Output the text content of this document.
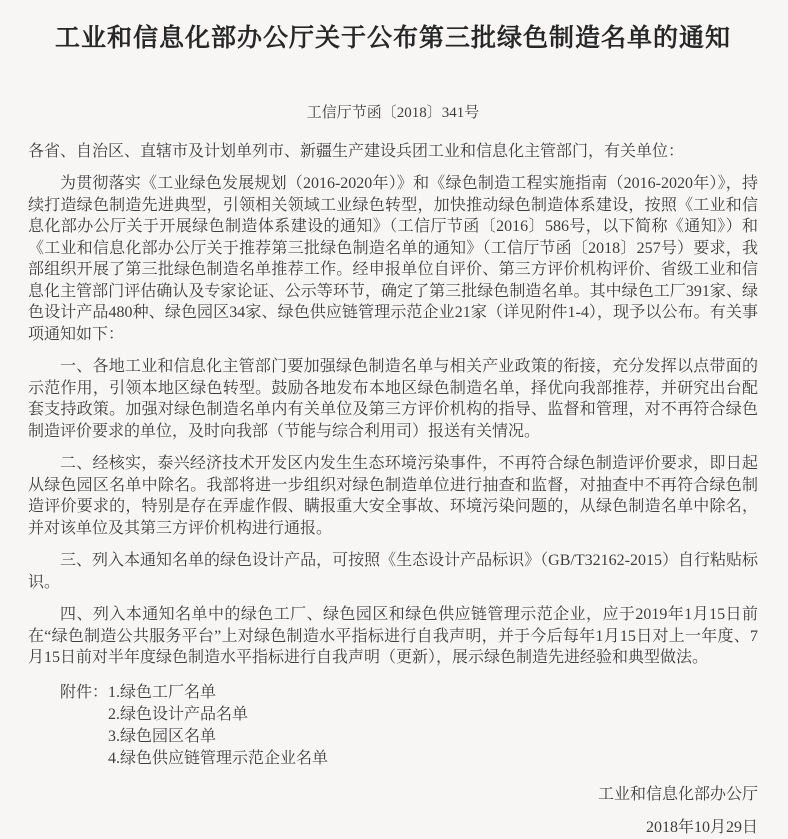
工业和信息化部办公厅关于公布第三批绿色制造名单的通知
工信厅节函〔2018〕341号
各省、自治区、直辖市及计划单列市、新疆生产建设兵团工业和信息化主管部门，有关单位：

为贯彻落实《工业绿色发展规划（2016-2020年）》和《绿色制造工程实施指南（2016-2020年）》，持续打造绿色制造先进典型，引领相关领域工业绿色转型，加快推动绿色制造体系建设，按照《工业和信息化部办公厅关于开展绿色制造体系建设的通知》（工信厅节函〔2016〕586号，以下简称《通知》）和《工业和信息化部办公厅关于推荐第三批绿色制造名单的通知》（工信厅节函〔2018〕257号）要求，我部组织开展了第三批绿色制造名单推荐工作。经申报单位自评价、第三方评价机构评价、省级工业和信息化主管部门评估确认及专家论证、公示等环节，确定了第三批绿色制造名单。其中绿色工厂391家、绿色设计产品480种、绿色园区34家、绿色供应链管理示范企业21家（详见附件1-4），现予以公布。有关事项通知如下：

一、各地工业和信息化主管部门要加强绿色制造名单与相关产业政策的衔接，充分发挥以点带面的示范作用，引领本地区绿色转型。鼓励各地发布本地区绿色制造名单，择优向我部推荐，并研究出台配套支持政策。加强对绿色制造名单内有关单位及第三方评价机构的指导、监督和管理，对不再符合绿色制造评价要求的单位，及时向我部（节能与综合利用司）报送有关情况。

二、经核实，泰兴经济技术开发区内发生生态环境污染事件，不再符合绿色制造评价要求，即日起从绿色园区名单中除名。我部将进一步组织对绿色制造单位进行抽查和监督，对抽查中不再符合绿色制造评价要求的，特别是存在弄虚作假、瞒报重大安全事故、环境污染问题的，从绿色制造名单中除名，并对该单位及其第三方评价机构进行通报。

三、列入本通知名单的绿色设计产品，可按照《生态设计产品标识》（GB/T32162-2015）自行粘贴标识。

四、列入本通知名单中的绿色工厂、绿色园区和绿色供应链管理示范企业，应于2019年1月15日前在“绿色制造公共服务平台”上对绿色制造水平指标进行自我声明，并于今后每年1月15日对上一年度、7月15日前对半年度绿色制造水平指标进行自我声明（更新），展示绿色制造先进经验和典型做法。

附件： 1.绿色工厂名单
2.绿色设计产品名单
3.绿色园区名单
4.绿色供应链管理示范企业名单
工业和信息化部办公厅
2018年10月29日
